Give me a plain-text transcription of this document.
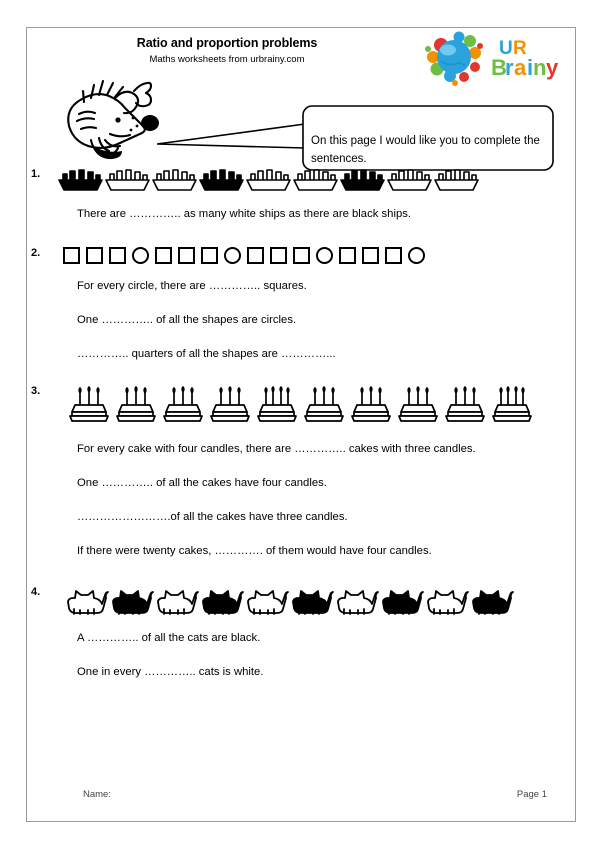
Ratio and proportion problems
Maths worksheets from urbrainy.com
U R
B
r a i n y
On this page I would like you to complete the sentences.
1.
There are ………….. as many white ships as there are black ships.
2.
For every circle, there are ………….. squares.
One ………….. of all the shapes are circles.
………….. quarters of all the shapes are …………...
3.
For every cake with four candles, there are ………….. cakes with three candles.
One ………….. of all the cakes have four candles.
…………………….of all the cakes have three candles.
If there were twenty cakes, …………. of them would have four candles.
4.
A ………….. of all the cats are black.
One in every ………….. cats is white.
Name:	Page 1
